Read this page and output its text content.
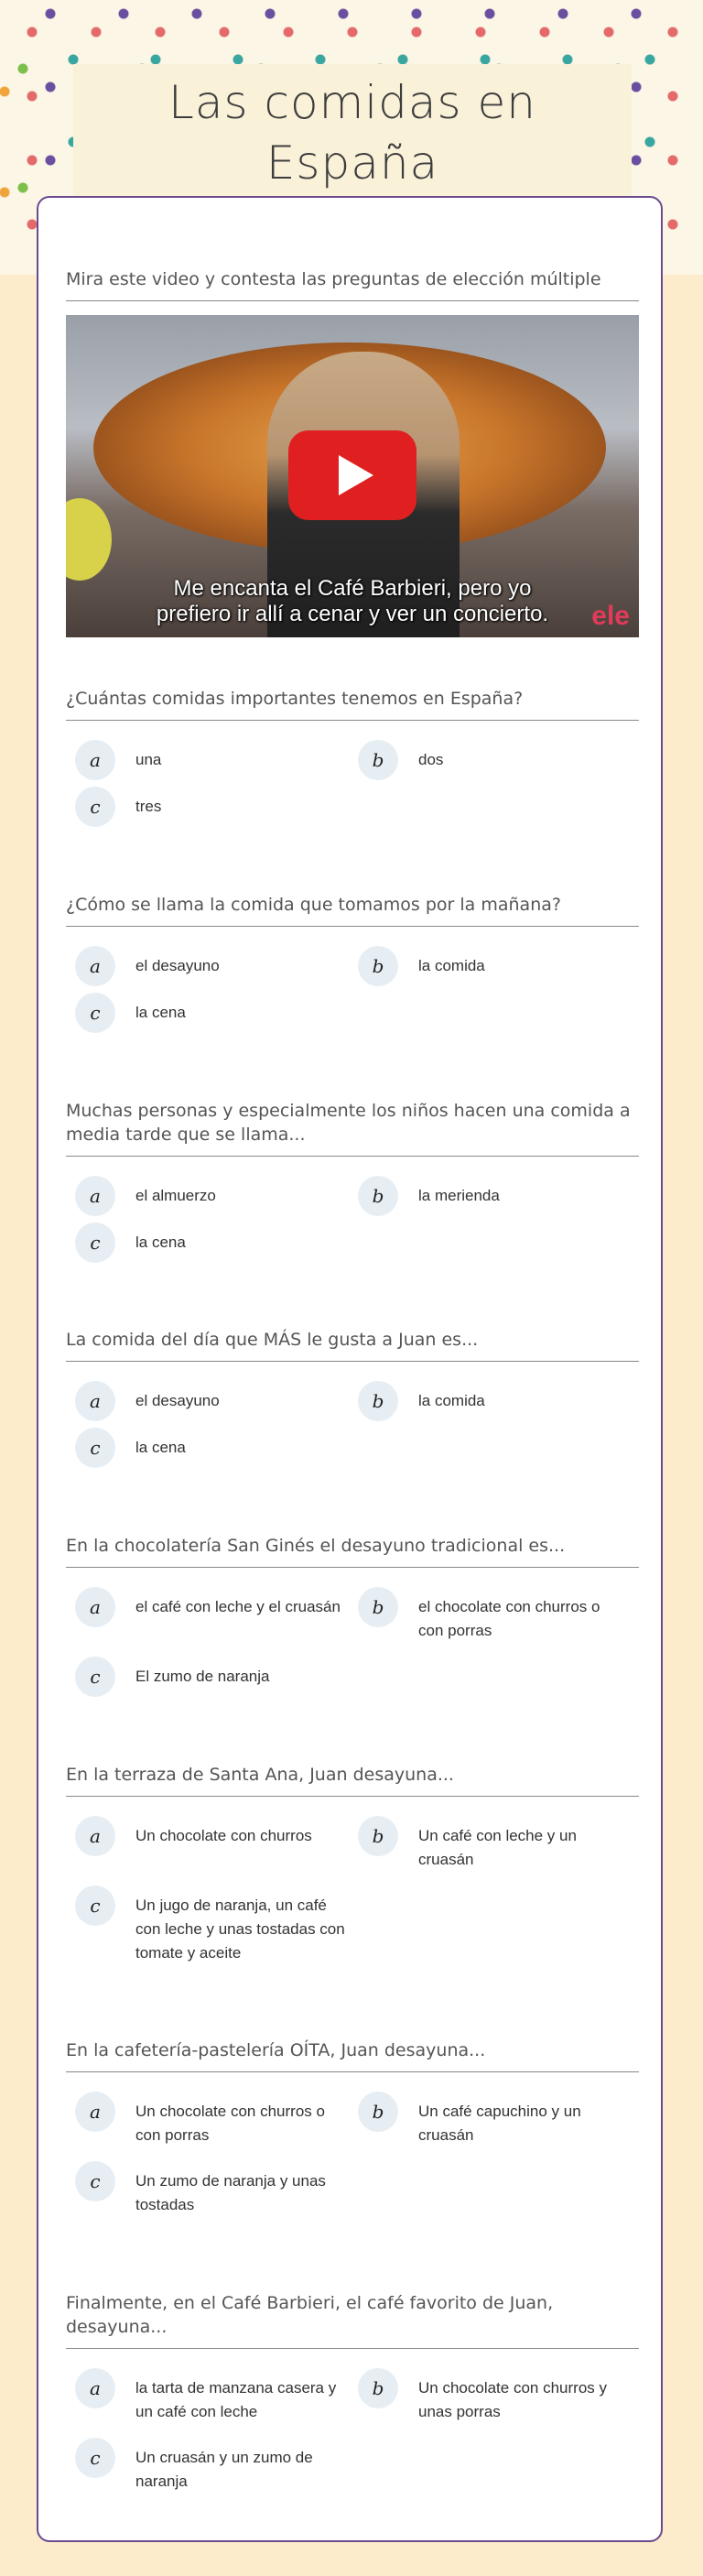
Las comidas en España
Mira este video y contesta las preguntas de elección múltiple
Me encanta el Café Barbieri, pero yo
prefiero ir allí a cenar y ver un concierto.	ele
¿Cuántas comidas importantes tenemos en España?
a	una	b	dos
c	tres
¿Cómo se llama la comida que tomamos por la mañana?
a	el desayuno	b	la comida
c	la cena
Muchas personas y especialmente los niños hacen una comida a media tarde que se llama...
a	el almuerzo	b	la merienda
c	la cena
La comida del día que MÁS le gusta a Juan es...
a	el desayuno	b	la comida
c	la cena
En la chocolatería San Ginés el desayuno tradicional es...
a	el café con leche y el cruasán	b	el chocolate con churros o con porras
c	El zumo de naranja
En la terraza de Santa Ana, Juan desayuna...
a	Un chocolate con churros	b	Un café con leche y un cruasán
c	Un jugo de naranja, un café con leche y unas tostadas con tomate y aceite
En la cafetería-pastelería OÍTA, Juan desayuna...
a	Un chocolate con churros o con porras
b	Un café capuchino y un cruasán
c	Un zumo de naranja y unas tostadas
Finalmente, en el Café Barbieri, el café favorito de Juan, desayuna...
a	la tarta de manzana casera y un café con leche
b	Un chocolate con churros y unas porras
c	Un cruasán y un zumo de naranja
